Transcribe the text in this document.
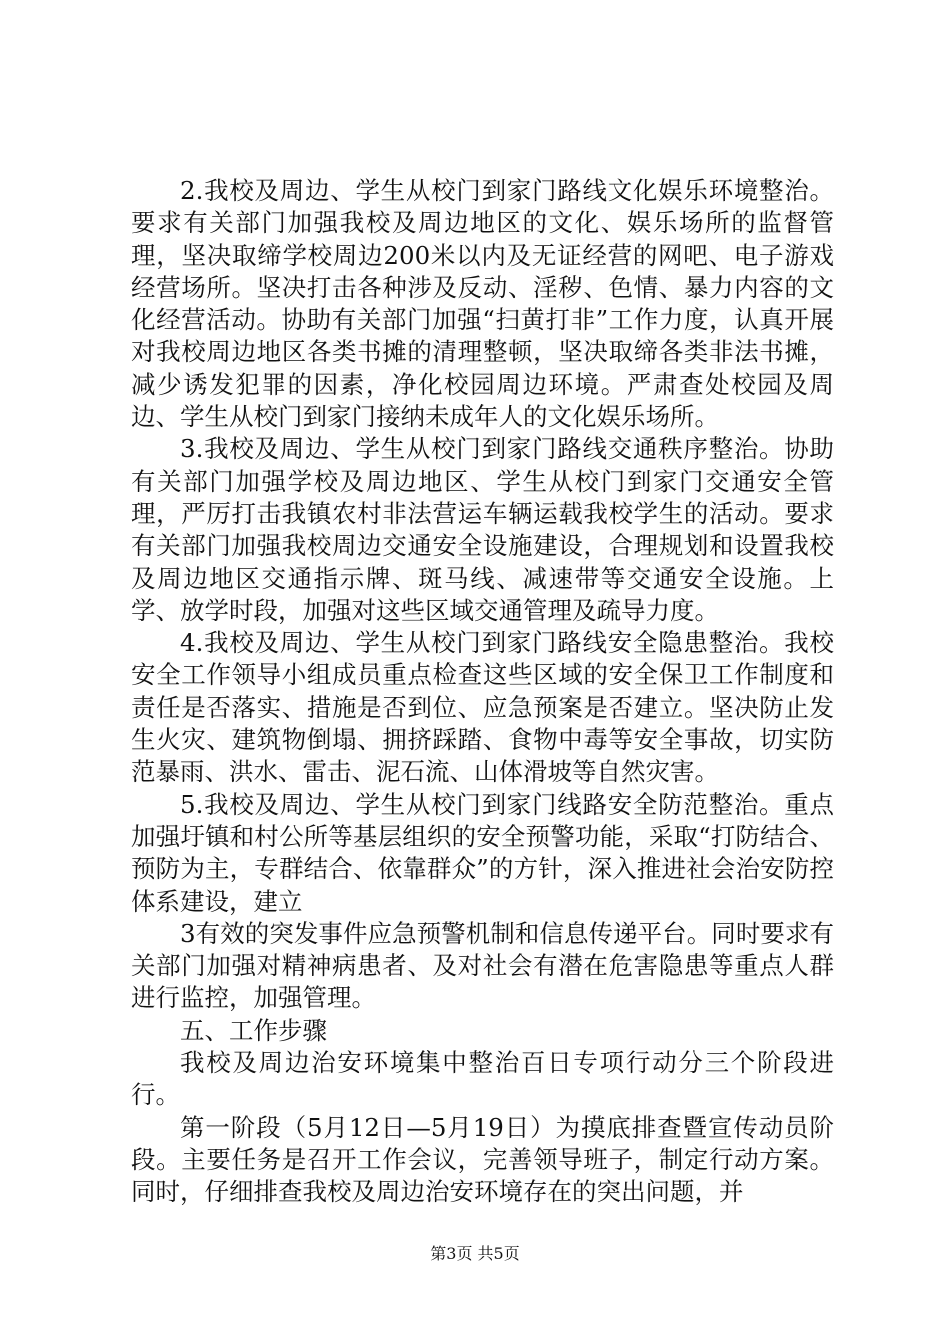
2.我校及周边、学生从校门到家门路线文化娱乐环境整治。要求有关部门加强我校及周边地区的文化、娱乐场所的监督管理，坚决取缔学校周边200米以内及无证经营的网吧、电子游戏经营场所。坚决打击各种涉及反动、淫秽、色情、暴力内容的文化经营活动。协助有关部门加强“扫黄打非”工作力度，认真开展对我校周边地区各类书摊的清理整顿，坚决取缔各类非法书摊，减少诱发犯罪的因素，净化校园周边环境。严肃查处校园及周边、学生从校门到家门接纳未成年人的文化娱乐场所。

3.我校及周边、学生从校门到家门路线交通秩序整治。协助有关部门加强学校及周边地区、学生从校门到家门交通安全管理，严厉打击我镇农村非法营运车辆运载我校学生的活动。要求有关部门加强我校周边交通安全设施建设，合理规划和设置我校及周边地区交通指示牌、斑马线、减速带等交通安全设施。上学、放学时段，加强对这些区域交通管理及疏导力度。

4.我校及周边、学生从校门到家门路线安全隐患整治。我校安全工作领导小组成员重点检查这些区域的安全保卫工作制度和责任是否落实、措施是否到位、应急预案是否建立。坚决防止发生火灾、建筑物倒塌、拥挤踩踏、食物中毒等安全事故，切实防范暴雨、洪水、雷击、泥石流、山体滑坡等自然灾害。

5.我校及周边、学生从校门到家门线路安全防范整治。重点加强圩镇和村公所等基层组织的安全预警功能，采取“打防结合、预防为主，专群结合、依靠群众”的方针，深入推进社会治安防控体系建设，建立

3有效的突发事件应急预警机制和信息传递平台。同时要求有关部门加强对精神病患者、及对社会有潜在危害隐患等重点人群进行监控，加强管理。

五、工作步骤

我校及周边治安环境集中整治百日专项行动分三个阶段进行。

第一阶段（5月12日—5月19日）为摸底排查暨宣传动员阶段。主要任务是召开工作会议，完善领导班子，制定行动方案。同时，仔细排查我校及周边治安环境存在的突出问题，并

第3页 共5页
